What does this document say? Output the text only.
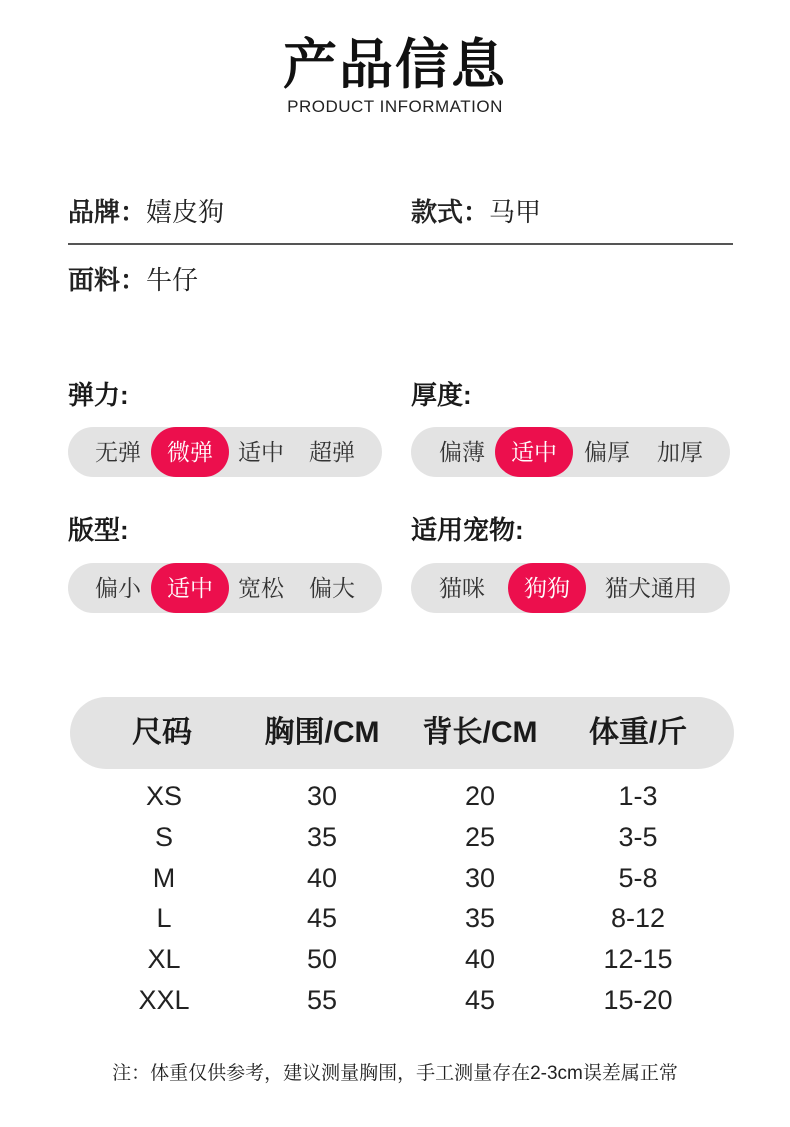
产品信息
PRODUCT INFORMATION
品牌：嬉皮狗	款式：马甲
面料：牛仔
弹力:
无弹	微弹	适中	超弹
厚度:
偏薄	适中	偏厚	加厚
版型:
偏小	适中	宽松	偏大
适用宠物:
猫咪	狗狗	猫犬通用
尺码	胸围/CM	背长/CM	体重/斤
XS	30	20	1-3
S	35	25	3-5
M	40	30	5-8
L	45	35	8-12
XL	50	40	12-15
XXL	55	45	15-20
注：体重仅供参考，建议测量胸围，手工测量存在2-3cm误差属正常
